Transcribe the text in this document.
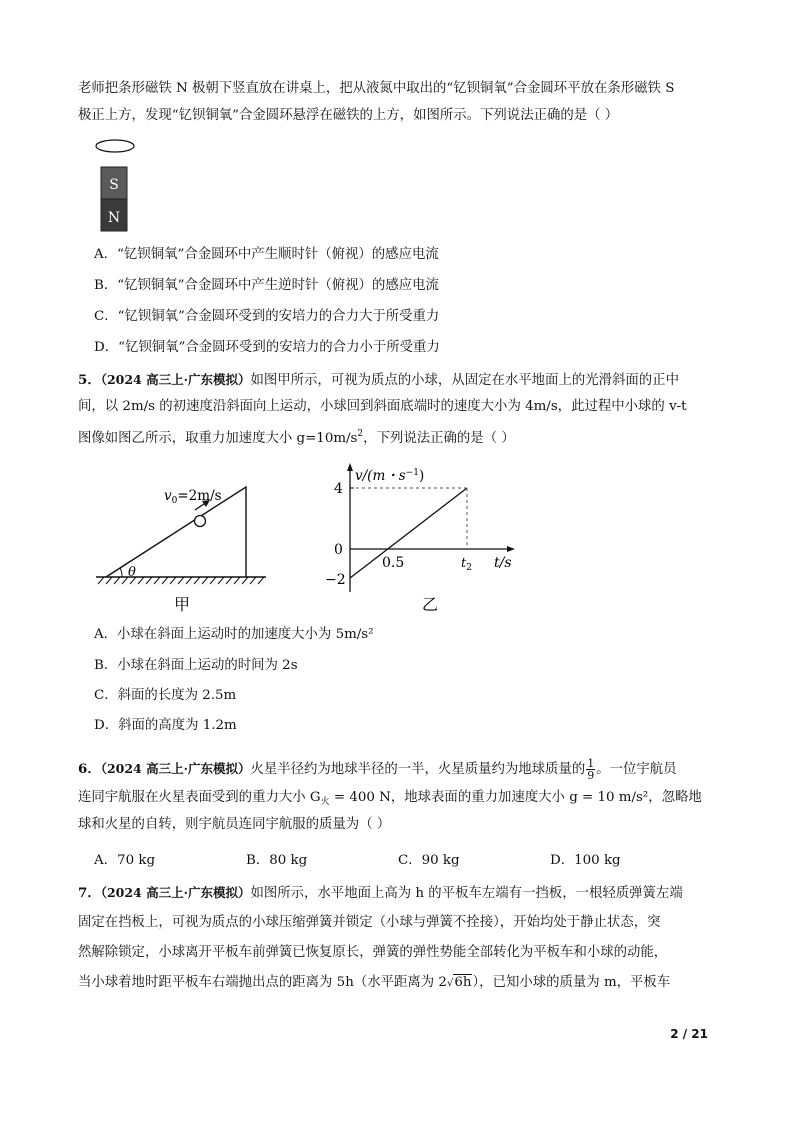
老师把条形磁铁 N 极朝下竖直放在讲桌上，把从液氮中取出的“钇钡铜氧”合金圆环平放在条形磁铁 S
极正上方，发现“钇钡铜氧”合金圆环悬浮在磁铁的上方，如图所示。下列说法正确的是（ ）
S
N
A．“钇钡铜氧”合金圆环中产生顺时针（俯视）的感应电流
B．“钇钡铜氧”合金圆环中产生逆时针（俯视）的感应电流
C．“钇钡铜氧”合金圆环受到的安培力的合力大于所受重力
D．“钇钡铜氧”合金圆环受到的安培力的合力小于所受重力
5．（2024 高三上·广东模拟）如图甲所示，可视为质点的小球，从固定在水平地面上的光滑斜面的正中
间，以 2m/s 的初速度沿斜面向上运动，小球回到斜面底端时的速度大小为 4m/s，此过程中小球的 v-t
图像如图乙所示，取重力加速度大小 $g=10m/s^2$，下列说法正确的是（ ）
θ
$v_0=2m/s$
甲
v/(m・$s^{-1}$)
4
0
−2
0.5	$t_2$ t/s
乙
A．小球在斜面上运动时的加速度大小为 5m/s²
B．小球在斜面上运动的时间为 2s
C．斜面的长度为 2.5m
D．斜面的高度为 1.2m
6．（2024 高三上·广东模拟）火星半径约为地球半径的一半，火星质量约为地球质量的 $\frac{1}{9}$ 。一位宇航员
连同宇航服在火星表面受到的重力大小 $G_火 = 400$ N，地球表面的重力加速度大小 g = 10 m/s²，忽略地
球和火星的自转，则宇航员连同宇航服的质量为（ ）
A．70 kg	B．80 kg	C．90 kg	D．100 kg
7．（2024 高三上·广东模拟）如图所示，水平地面上高为 h 的平板车左端有一挡板，一根轻质弹簧左端
固定在挡板上，可视为质点的小球压缩弹簧并锁定（小球与弹簧不拴接），开始均处于静止状态，突
然解除锁定，小球离开平板车前弹簧已恢复原长，弹簧的弹性势能全部转化为平板车和小球的动能，
当小球着地时距平板车右端抛出点的距离为 5h（水平距离为 2√6h），已知小球的质量为 m，平板车
2 / 21
